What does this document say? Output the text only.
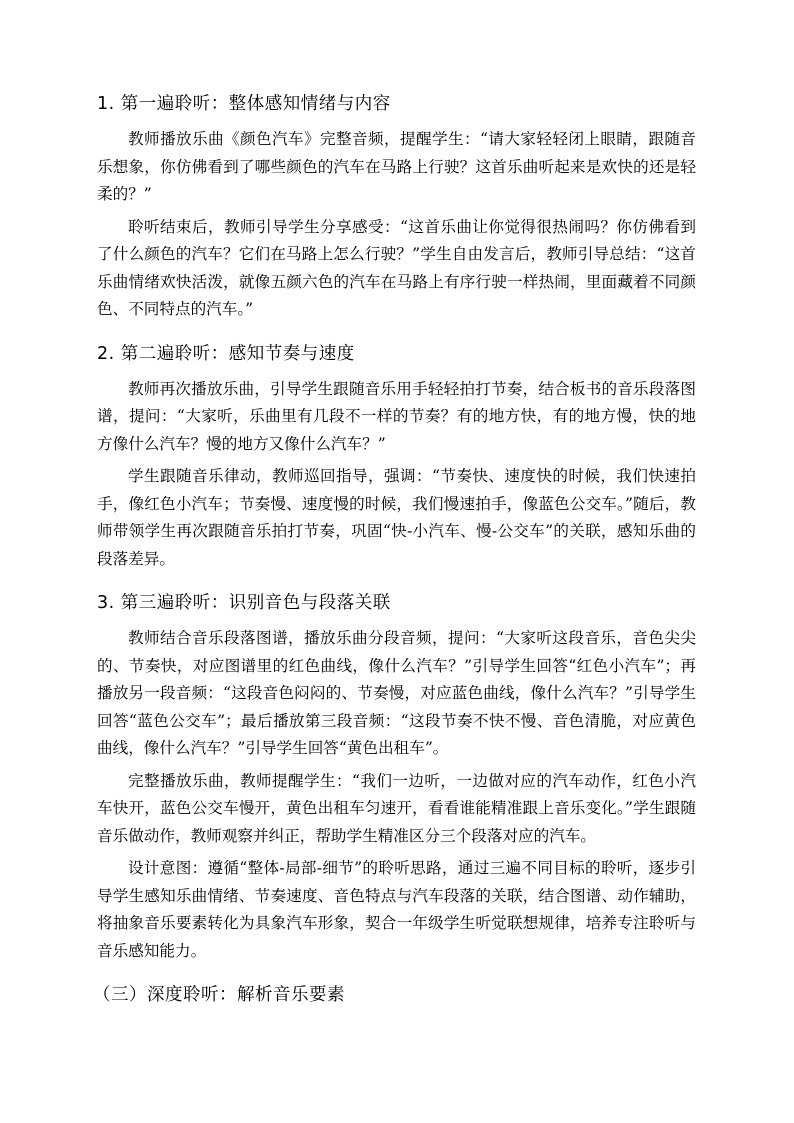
1. 第一遍聆听：整体感知情绪与内容

教师播放乐曲《颜色汽车》完整音频，提醒学生：“请大家轻轻闭上眼睛，跟随音乐想象，你仿佛看到了哪些颜色的汽车在马路上行驶？这首乐曲听起来是欢快的还是轻柔的？”

聆听结束后，教师引导学生分享感受：“这首乐曲让你觉得很热闹吗？你仿佛看到了什么颜色的汽车？它们在马路上怎么行驶？”学生自由发言后，教师引导总结：“这首乐曲情绪欢快活泼，就像五颜六色的汽车在马路上有序行驶一样热闹，里面藏着不同颜色、不同特点的汽车。”

2. 第二遍聆听：感知节奏与速度

教师再次播放乐曲，引导学生跟随音乐用手轻轻拍打节奏，结合板书的音乐段落图谱，提问：“大家听，乐曲里有几段不一样的节奏？有的地方快，有的地方慢，快的地方像什么汽车？慢的地方又像什么汽车？”

学生跟随音乐律动，教师巡回指导，强调：“节奏快、速度快的时候，我们快速拍手，像红色小汽车；节奏慢、速度慢的时候，我们慢速拍手，像蓝色公交车。”随后，教师带领学生再次跟随音乐拍打节奏，巩固“快-小汽车、慢-公交车”的关联，感知乐曲的段落差异。

3. 第三遍聆听：识别音色与段落关联

教师结合音乐段落图谱，播放乐曲分段音频，提问：“大家听这段音乐，音色尖尖的、节奏快，对应图谱里的红色曲线，像什么汽车？”引导学生回答“红色小汽车”；再播放另一段音频：“这段音色闷闷的、节奏慢，对应蓝色曲线，像什么汽车？”引导学生回答“蓝色公交车”；最后播放第三段音频：“这段节奏不快不慢、音色清脆，对应黄色曲线，像什么汽车？”引导学生回答“黄色出租车”。

完整播放乐曲，教师提醒学生：“我们一边听，一边做对应的汽车动作，红色小汽车快开，蓝色公交车慢开，黄色出租车匀速开，看看谁能精准跟上音乐变化。”学生跟随音乐做动作，教师观察并纠正，帮助学生精准区分三个段落对应的汽车。

设计意图：遵循“整体-局部-细节”的聆听思路，通过三遍不同目标的聆听，逐步引导学生感知乐曲情绪、节奏速度、音色特点与汽车段落的关联，结合图谱、动作辅助，将抽象音乐要素转化为具象汽车形象，契合一年级学生听觉联想规律，培养专注聆听与音乐感知能力。

（三）深度聆听：解析音乐要素
